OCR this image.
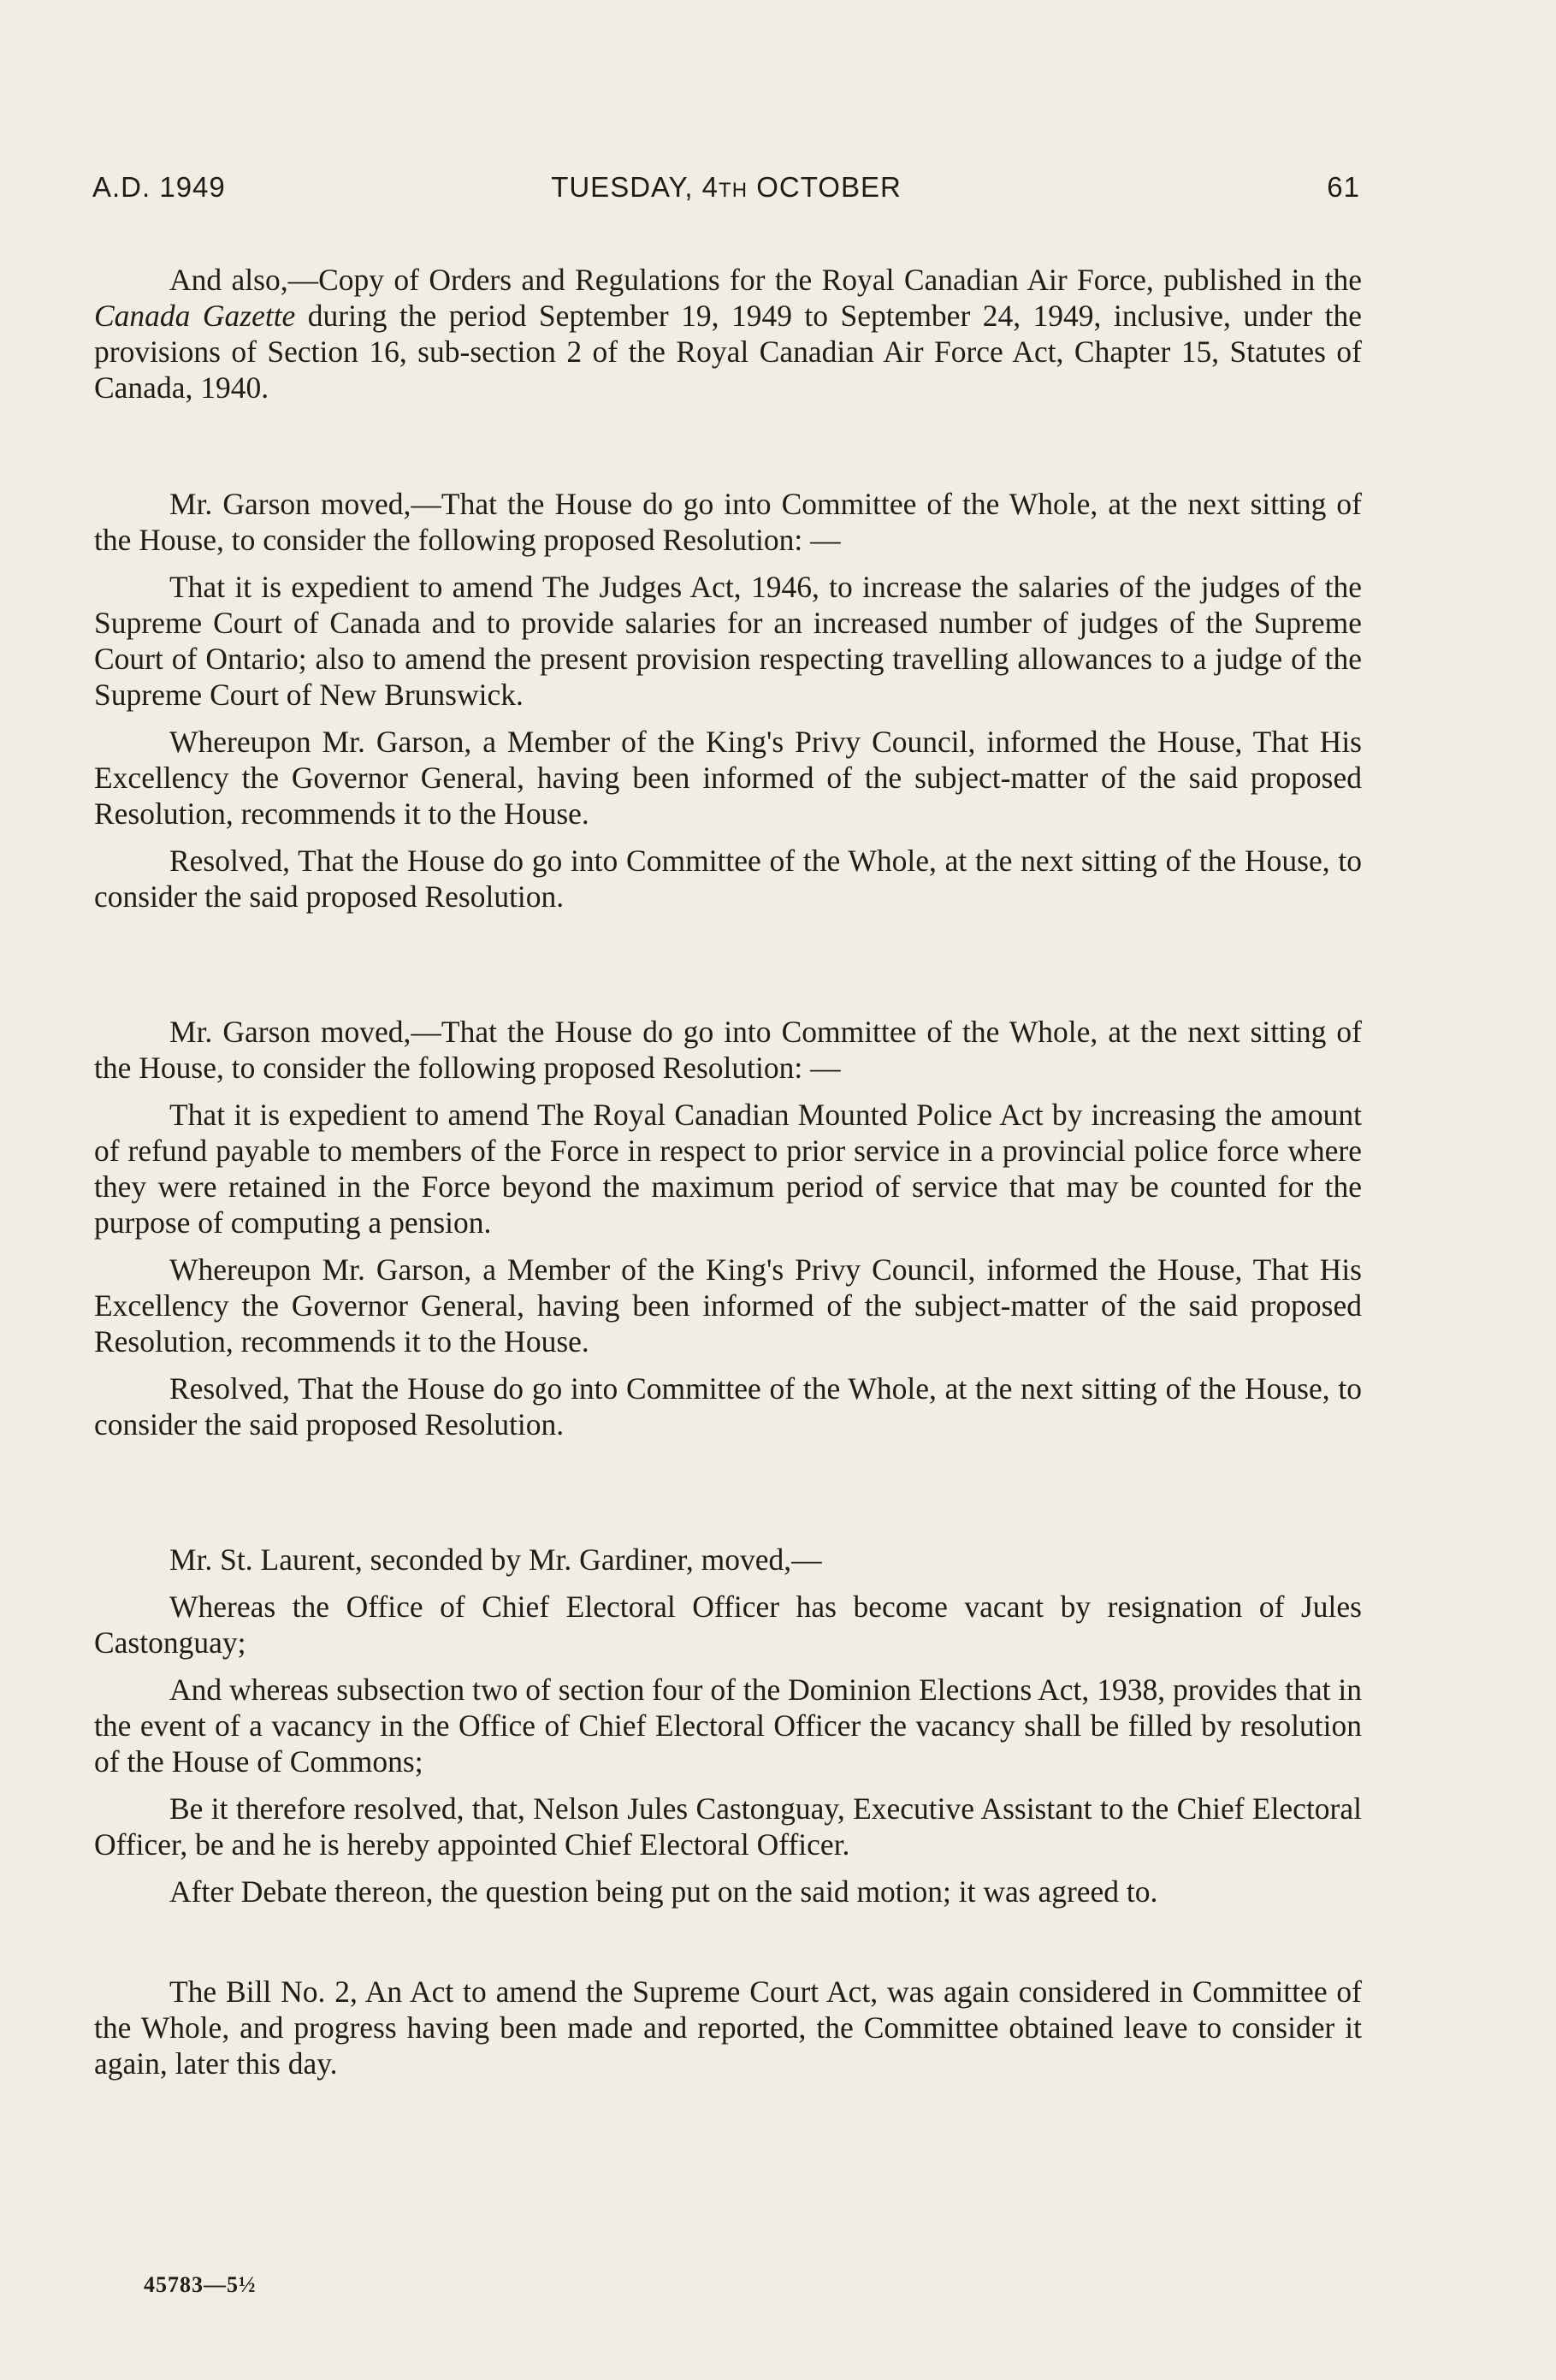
A.D. 1949	TUESDAY, 4TH OCTOBER	61

And also,—Copy of Orders and Regulations for the Royal Canadian Air Force, published in the Canada Gazette during the period September 19, 1949 to September 24, 1949, inclusive, under the provisions of Section 16, sub-section 2 of the Royal Canadian Air Force Act, Chapter 15, Statutes of Canada, 1940.

Mr. Garson moved,—That the House do go into Committee of the Whole, at the next sitting of the House, to consider the following proposed Resolution: —

That it is expedient to amend The Judges Act, 1946, to increase the salaries of the judges of the Supreme Court of Canada and to provide salaries for an increased number of judges of the Supreme Court of Ontario; also to amend the present provision respecting travelling allowances to a judge of the Supreme Court of New Brunswick.

Whereupon Mr. Garson, a Member of the King's Privy Council, informed the House, That His Excellency the Governor General, having been informed of the subject-matter of the said proposed Resolution, recommends it to the House.

Resolved, That the House do go into Committee of the Whole, at the next sitting of the House, to consider the said proposed Resolution.

Mr. Garson moved,—That the House do go into Committee of the Whole, at the next sitting of the House, to consider the following proposed Resolution: —

That it is expedient to amend The Royal Canadian Mounted Police Act by increasing the amount of refund payable to members of the Force in respect to prior service in a provincial police force where they were retained in the Force beyond the maximum period of service that may be counted for the purpose of computing a pension.

Whereupon Mr. Garson, a Member of the King's Privy Council, informed the House, That His Excellency the Governor General, having been informed of the subject-matter of the said proposed Resolution, recommends it to the House.

Resolved, That the House do go into Committee of the Whole, at the next sitting of the House, to consider the said proposed Resolution.

Mr. St. Laurent, seconded by Mr. Gardiner, moved,—

Whereas the Office of Chief Electoral Officer has become vacant by resignation of Jules Castonguay;

And whereas subsection two of section four of the Dominion Elections Act, 1938, provides that in the event of a vacancy in the Office of Chief Electoral Officer the vacancy shall be filled by resolution of the House of Commons;

Be it therefore resolved, that, Nelson Jules Castonguay, Executive Assistant to the Chief Electoral Officer, be and he is hereby appointed Chief Electoral Officer.

After Debate thereon, the question being put on the said motion; it was agreed to.

The Bill No. 2, An Act to amend the Supreme Court Act, was again considered in Committee of the Whole, and progress having been made and reported, the Committee obtained leave to consider it again, later this day.

45783—5½
